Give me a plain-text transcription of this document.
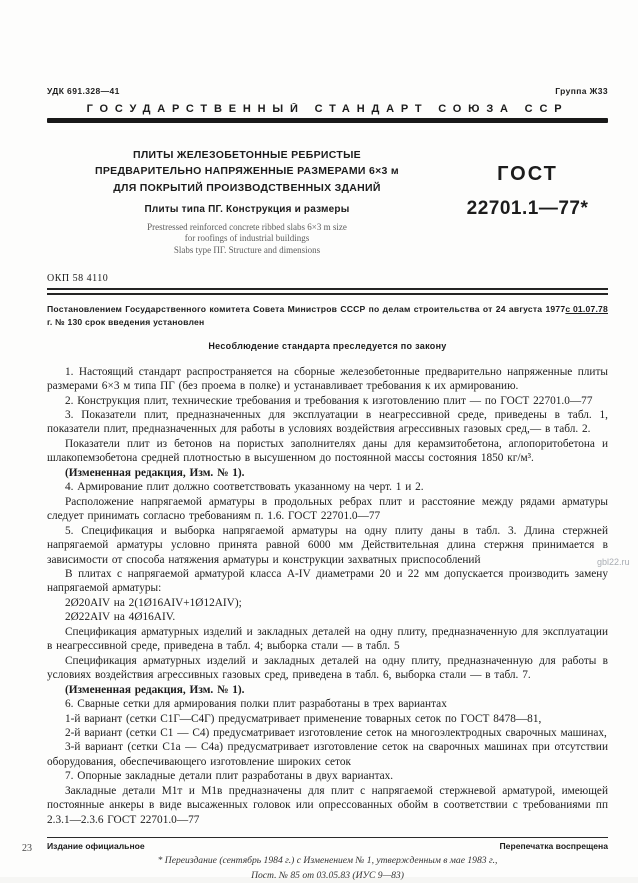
УДК 691.328—41	Группа Ж33
ГОСУДАРСТВЕННЫЙ СТАНДАРТ СОЮЗА ССР
ПЛИТЫ ЖЕЛЕЗОБЕТОННЫЕ РЕБРИСТЫЕ
ПРЕДВАРИТЕЛЬНО НАПРЯЖЕННЫЕ РАЗМЕРАМИ 6×3 м
ДЛЯ ПОКРЫТИЙ ПРОИЗВОДСТВЕННЫХ ЗДАНИЙ
Плиты типа ПГ. Конструкция и размеры
Prestressed reinforced concrete ribbed slabs 6×3 m size
for roofings of industrial buildings
Slabs type ПГ. Structure and dimensions
ГОСТ
22701.1—77*
ОКП 58 4110
с 01.07.78
Постановлением Государственного комитета Совета Министров СССР по делам строительства от 24 августа 1977 г. № 130 срок введения установлен
Несоблюдение стандарта преследуется по закону

1. Настоящий стандарт распространяется на сборные железобетонные предварительно напряженные плиты размерами 6×3 м типа ПГ (без проема в полке) и устанавливает требования к их армированию.

2. Конструкция плит, технические требования и требования к изготовлению плит — по ГОСТ 22701.0—77

3. Показатели плит, предназначенных для эксплуатации в неагрессивной среде, приведены в табл. 1, показатели плит, предназначенных для работы в условиях воздействия агрессивных газовых сред,— в табл. 2.

Показатели плит из бетонов на пористых заполнителях даны для керамзитобетона, аглопоритобетона и шлакопемзобетона средней плотностью в высушенном до постоянной массы состояния 1850 кг/м³.

(Измененная редакция, Изм. № 1).

4. Армирование плит должно соответствовать указанному на черт. 1 и 2.

Расположение напрягаемой арматуры в продольных ребрах плит и расстояние между рядами арматуры следует принимать согласно требованиям п. 1.6. ГОСТ 22701.0—77

5. Спецификация и выборка напрягаемой арматуры на одну плиту даны в табл. 3. Длина стержней напрягаемой арматуры условно принята равной 6000 мм Действительная длина стержня принимается в зависимости от способа натяжения арматуры и конструкции захватных приспособлений

В плитах с напрягаемой арматурой класса A-IV диаметрами 20 и 22 мм допускается производить замену напрягаемой арматуры:

2Ø20AIV на 2(1Ø16AIV+1Ø12AIV);

2Ø22AIV на 4Ø16AIV.

Спецификация арматурных изделий и закладных деталей на одну плиту, предназначенную для эксплуатации в неагрессивной среде, приведена в табл. 4; выборка стали — в табл. 5

Спецификация арматурных изделий и закладных деталей на одну плиту, предназначенную для работы в условиях воздействия агрессивных газовых сред, приведена в табл. 6, выборка стали — в табл. 7.

(Измененная редакция, Изм. № 1).

6. Сварные сетки для армирования полки плит разработаны в трех вариантах

1-й вариант (сетки С1Г—С4Г) предусматривает применение товарных сеток по ГОСТ 8478—81,

2-й вариант (сетки С1 — С4) предусматривает изготовление сеток на многоэлектродных сварочных машинах,

3-й вариант (сетки С1а — С4а) предусматривает изготовление сеток на сварочных машинах при отсутствии оборудования, обеспечивающего изготовление широких сеток

7. Опорные закладные детали плит разработаны в двух вариантах.

Закладные детали М1т и М1в предназначены для плит с напрягаемой стержневой арматурой, имеющей постоянные анкеры в виде высаженных головок или опрессованных обойм в соответствии с требованиями пп 2.3.1—2.3.6 ГОСТ 22701.0—77

Издание официальное	Перепечатка воспрещена
* Переиздание (сентябрь 1984 г.) с Изменением № 1, утвержденным в мае 1983 г.,
Пост. № 85 от 03.05.83 (ИУС 9—83)
23
gbl22.ru
